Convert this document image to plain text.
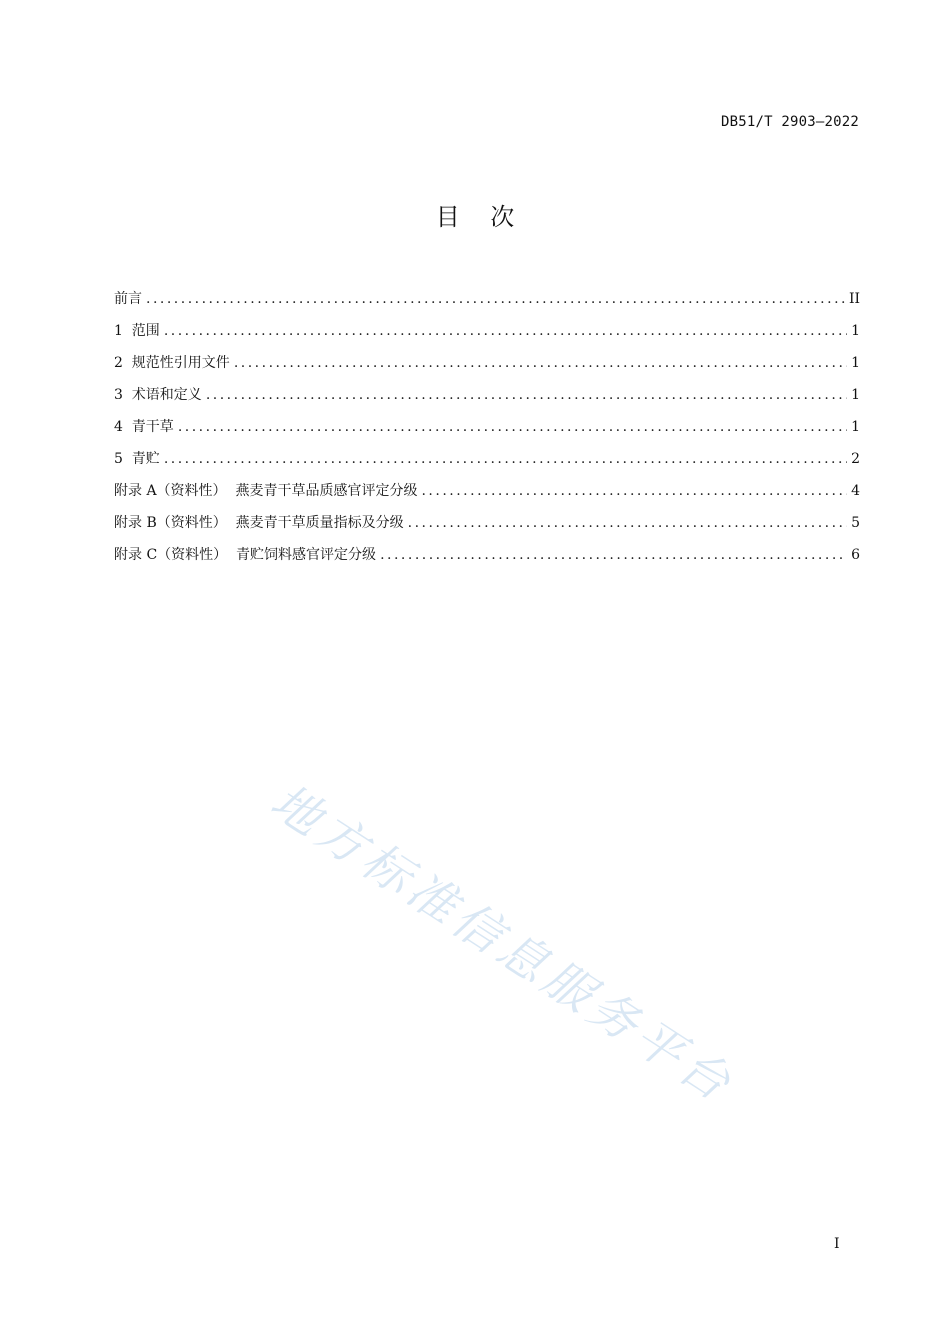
DB51/T 2903—2022
目    次
前言 .....	II
1  范围 .....	1
2  规范性引用文件 .....	1
3  术语和定义 .....	1
4  青干草 .....	1
5  青贮 .....	2
附录 A（资料性）  燕麦青干草品质感官评定分级 .....	4
附录 B（资料性）  燕麦青干草质量指标及分级 .....	5
附录 C（资料性）  青贮饲料感官评定分级 .....	6
地方标准信息服务平台
I
